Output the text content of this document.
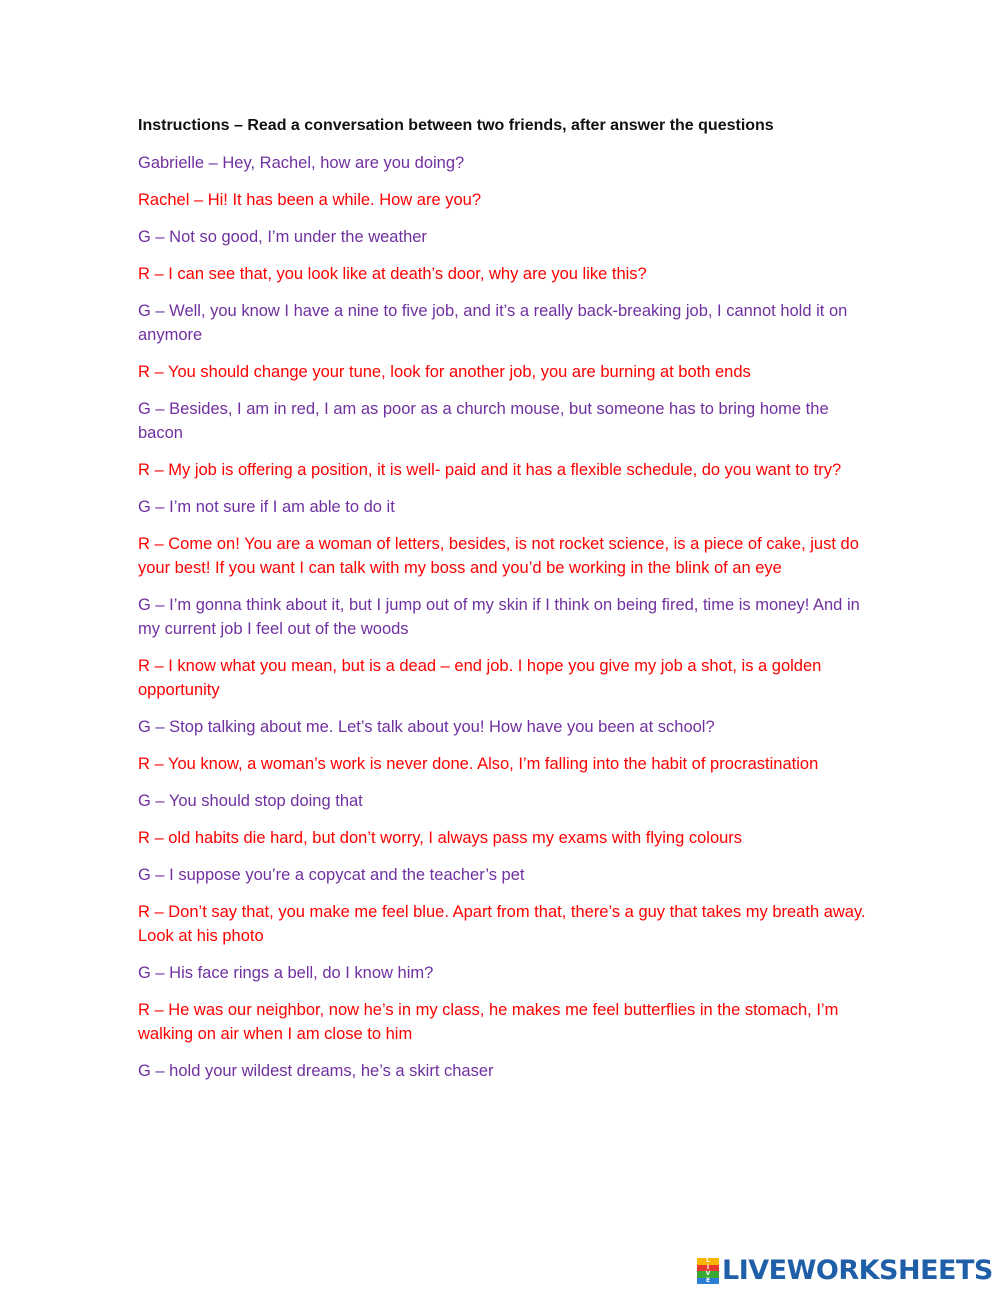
Instructions – Read a conversation between two friends, after answer the questions

Gabrielle – Hey, Rachel, how are you doing?

Rachel – Hi! It has been a while. How are you?

G – Not so good, I’m under the weather

R – I can see that, you look like at death’s door, why are you like this?

G – Well, you know I have a nine to five job, and it’s a really back-breaking job, I cannot hold it on anymore

R – You should change your tune, look for another job, you are burning at both ends

G – Besides, I am in red, I am as poor as a church mouse, but someone has to bring home the bacon

R – My job is offering a position, it is well- paid and it has a flexible schedule, do you want to try?

G – I’m not sure if I am able to do it

R – Come on! You are a woman of letters, besides, is not rocket science, is a piece of cake, just do your best! If you want I can talk with my boss and you’d be working in the blink of an eye

G – I’m gonna think about it, but I jump out of my skin if I think on being fired, time is money! And in my current job I feel out of the woods

R – I know what you mean, but is a dead – end job. I hope you give my job a shot, is a golden opportunity

G – Stop talking about me. Let’s talk about you! How have you been at school?

R – You know, a woman’s work is never done. Also, I’m falling into the habit of procrastination

G – You should stop doing that

R – old habits die hard, but don’t worry, I always pass my exams with flying colours

G – I suppose you’re a copycat and the teacher’s pet

R – Don’t say that, you make me feel blue. Apart from that, there’s a guy that takes my breath away. Look at his photo

G – His face rings a bell, do I know him?

R – He was our neighbor, now he’s in my class, he makes me feel butterflies in the stomach, I’m walking on air when I am close to him

G – hold your wildest dreams, he’s a skirt chaser

L
I
V
E LIVEWORKSHEETS
